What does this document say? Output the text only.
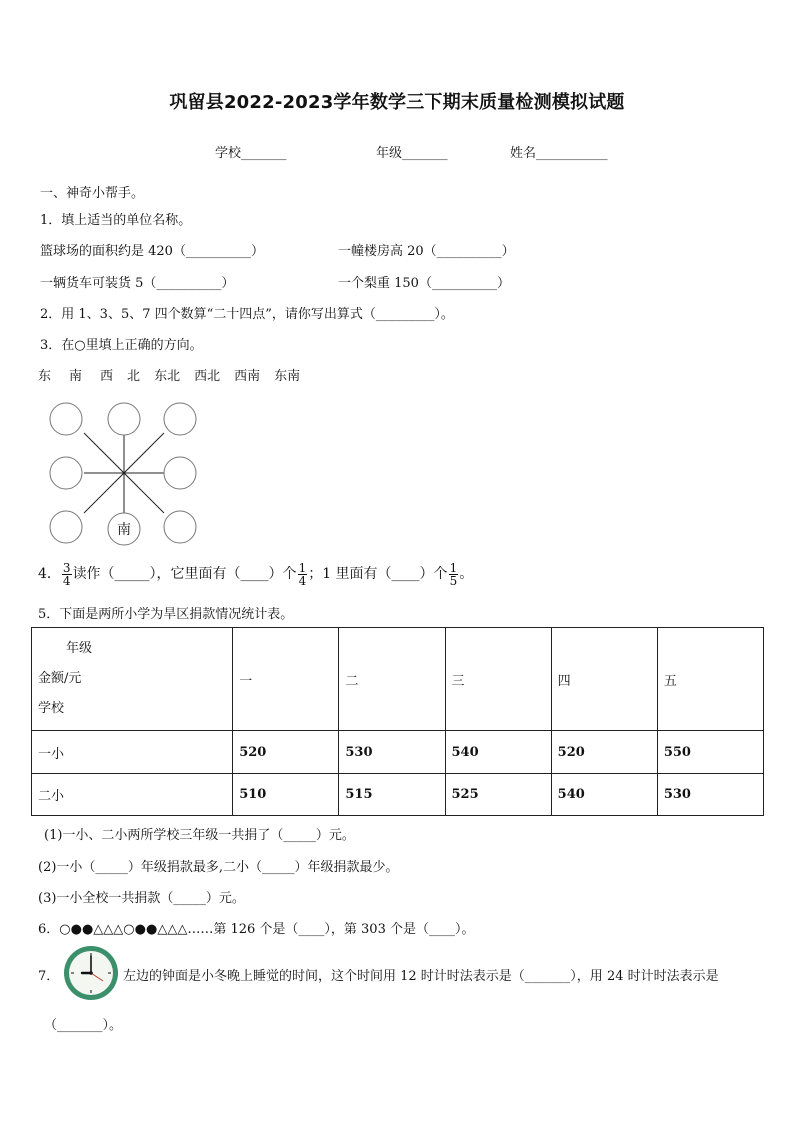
巩留县2022-2023学年数学三下期末质量检测模拟试题
学校_______	年级_______	姓名___________
一、神奇小帮手。
1．填上适当的单位名称。
篮球场的面积约是 420（__________）	一幢楼房高 20（__________）
一辆货车可装货 5（__________）	一个梨重 150（__________）
2．用 1、3、5、7 四个数算“二十四点”，请你写出算式（_________）。
3．在○里填上正确的方向。
东 南 西 北 东北 西北 西南 东南
南
4． $\frac{3}{4}$ 读作（_____），它里面有（____）个 $\frac{1}{4}$ ；1 里面有（____）个 $\frac{1}{5}$ 。
5．下面是两所小学为旱区捐款情况统计表。
年级
金额/元
学校	一	二	三	四	五
一小	520	530	540	520	550
二小	510	515	525	540	530
(1)一小、二小两所学校三年级一共捐了（_____）元。
(2)一小（_____）年级捐款最多,二小（_____）年级捐款最少。
(3)一小全校一共捐款（_____）元。
6．○●●△△△○●●△△△……第 126 个是（____），第 303 个是（____）。
7．	左边的钟面是小冬晚上睡觉的时间，这个时间用 12 时计时法表示是（_______），用 24 时计时法表示是
（_______）。
